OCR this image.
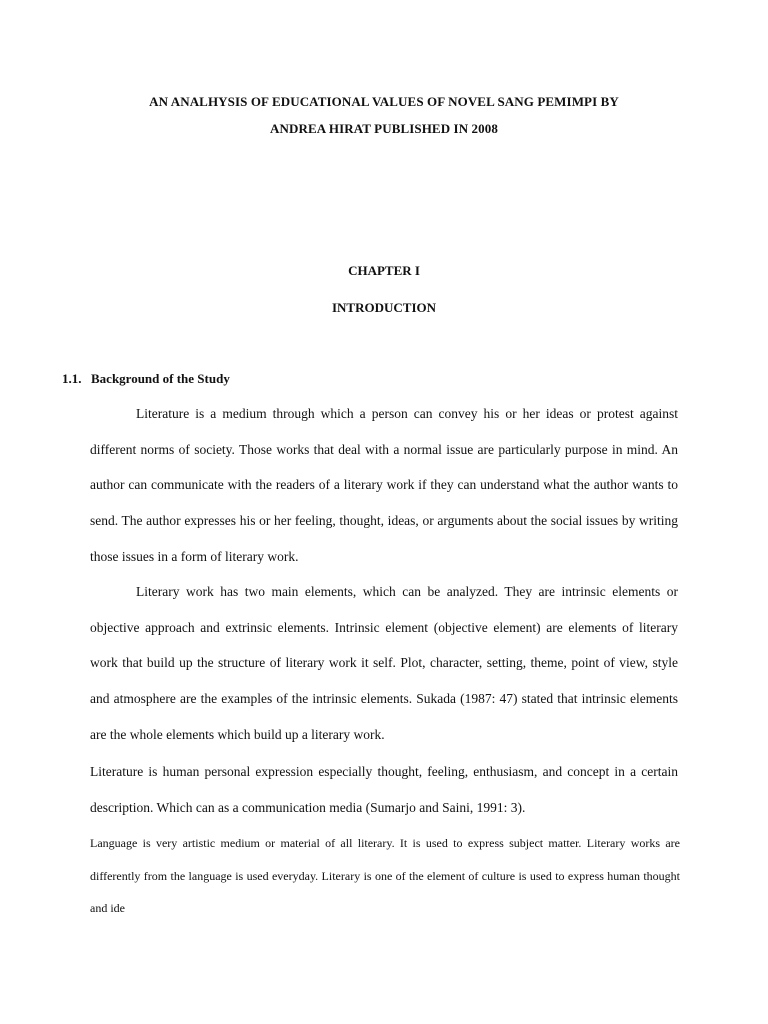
AN ANALHYSIS OF EDUCATIONAL VALUES OF NOVEL SANG PEMIMPI BY
ANDREA HIRAT PUBLISHED IN 2008
CHAPTER I
INTRODUCTION
1.1. Background of the Study

Literature is a medium through which a person can convey his or her ideas or protest against different norms of society. Those works that deal with a normal issue are particularly purpose in mind. An author can communicate with the readers of a literary work if they can understand what the author wants to send. The author expresses his or her feeling, thought, ideas, or arguments about the social issues by writing those issues in a form of literary work.

Literary work has two main elements, which can be analyzed. They are intrinsic elements or objective approach and extrinsic elements. Intrinsic element (objective element) are elements of literary work that build up the structure of literary work it self. Plot, character, setting, theme, point of view, style and atmosphere are the examples of the intrinsic elements. Sukada (1987: 47) stated that intrinsic elements are the whole elements which build up a literary work.

Literature is human personal expression especially thought, feeling, enthusiasm, and concept in a certain description. Which can as a communication media (Sumarjo and Saini, 1991: 3).

Language is very artistic medium or material of all literary. It is used to express subject matter. Literary works are differently from the language is used everyday. Literary is one of the element of culture is used to express human thought and ide
